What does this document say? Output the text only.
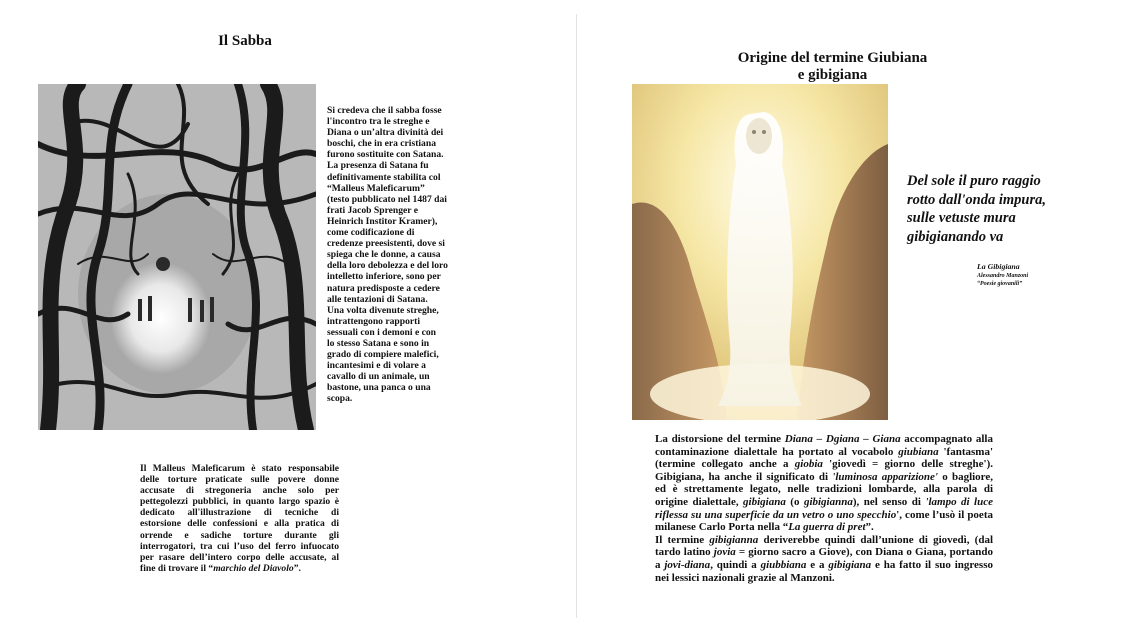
Il Sabba
Si credeva che il sabba fosse
l'incontro tra le streghe e
Diana o un’altra divinità dei
boschi, che in era cristiana
furono sostituite con Satana.
La presenza di Satana fu
definitivamente stabilita col
“Malleus Maleficarum”
(testo pubblicato nel 1487 dai
frati Jacob Sprenger e
Heinrich Institor Kramer),
come codificazione di
credenze preesistenti, dove si
spiega che le donne, a causa
della loro debolezza e del loro
intelletto inferiore, sono per
natura predisposte a cedere
alle tentazioni di Satana.
Una volta divenute streghe,
intrattengono rapporti
sessuali con i demoni e con
lo stesso Satana e sono in
grado di compiere malefici,
incantesimi e di volare a
cavallo di un animale, un
bastone, una panca o una
scopa.
Il Malleus Maleficarum è stato responsabile delle torture praticate sulle povere donne accusate di stregoneria anche solo per pettegolezzi pubblici, in quanto largo spazio è dedicato all'illustrazione di tecniche di estorsione delle confessioni e alla pratica di orrende e sadiche torture durante gli interrogatori, tra cui l’uso del ferro infuocato per rasare dell’intero corpo delle accusate, al fine di trovare il “marchio del Diavolo”.
Origine del termine Giubiana
e gibigiana
Del sole il puro raggio
rotto dall'onda impura,
sulle vetuste mura
gibigianando va
La Gibigiana
Alessandro Manzoni
“Poesie giovanili”
La distorsione del termine Diana – Dgiana – Giana accompagnato alla contaminazione dialettale ha portato al vocabolo giubiana 'fantasma' (termine collegato anche a giobia 'giovedì = giorno delle streghe'). Gibigiana, ha anche il significato di 'luminosa apparizione' o bagliore, ed è strettamente legato, nelle tradizioni lombarde, alla parola di origine dialettale, gibigiana (o gibigianna), nel senso di 'lampo di luce riflessa su una superficie da un vetro o uno specchio', come l’usò il poeta milanese Carlo Porta nella “La guerra di pret”.
Il termine gibigianna deriverebbe quindi dall’unione di giovedì, (dal tardo latino jovia = giorno sacro a Giove), con Diana o Giana, portando a jovi-diana, quindi a giubbiana e a gibigiana e ha fatto il suo ingresso nei lessici nazionali grazie al Manzoni.
